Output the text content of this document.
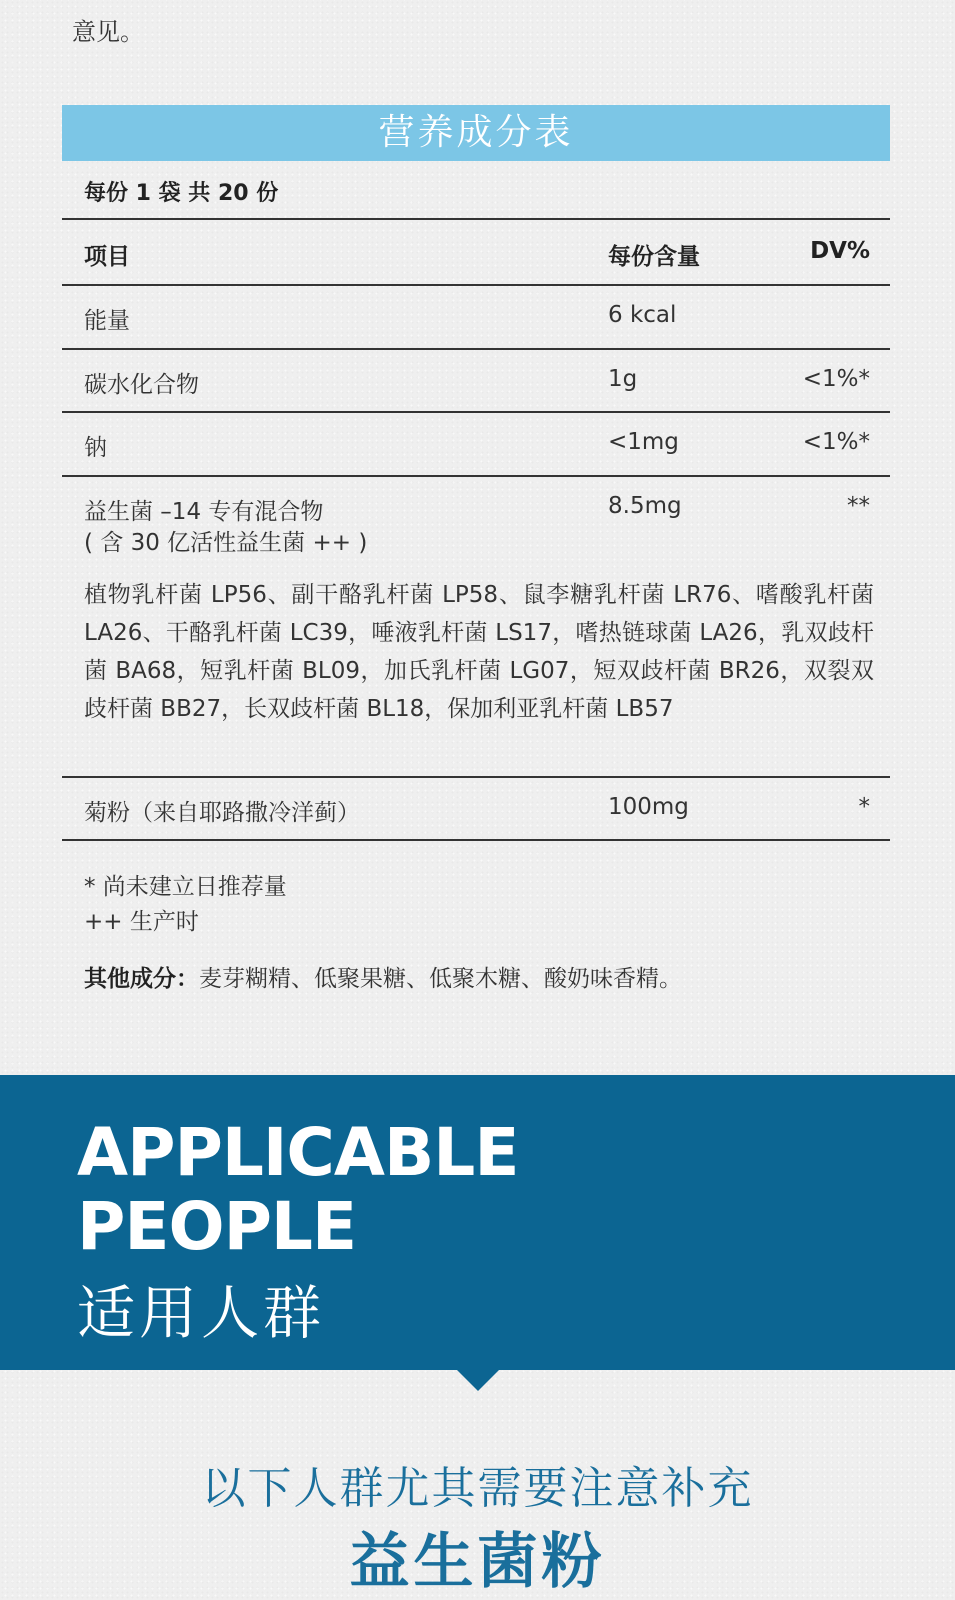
意见。
营养成分表
每份 1 袋 共 20 份
项目	每份含量	DV%
能量	6 kcal
碳水化合物	1g	<1%*
钠	<1mg	<1%*
益生菌 –14 专有混合物
( 含 30 亿活性益生菌 ++ )
8.5mg	**
植物乳杆菌 LP56、副干酪乳杆菌 LP58、鼠李糖乳杆菌 LR76、嗜酸乳杆菌 LA26、干酪乳杆菌 LC39，唾液乳杆菌 LS17，嗜热链球菌 LA26，乳双歧杆菌 BA68，短乳杆菌 BL09，加氏乳杆菌 LG07，短双歧杆菌 BR26，双裂双歧杆菌 BB27，长双歧杆菌 BL18，保加利亚乳杆菌 LB57
菊粉（来自耶路撒冷洋蓟）	100mg	*
* 尚未建立日推荐量
++ 生产时
其他成分：麦芽糊精、低聚果糖、低聚木糖、酸奶味香精。
APPLICABLE
PEOPLE
适用人群
以下人群尤其需要注意补充
益生菌粉
